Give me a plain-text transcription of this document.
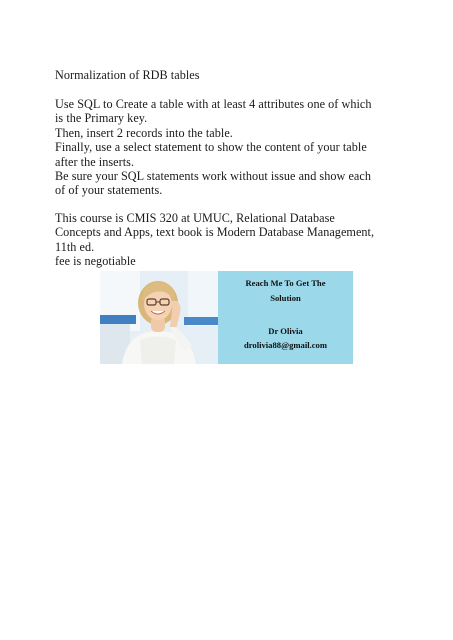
Normalization of RDB tables

Use SQL to Create a table with at least 4 attributes one of which

is the Primary key.

Then, insert 2 records into the table.

Finally, use a select statement to show the content of your table

after the inserts.

Be sure your SQL statements work without issue and show each

of of your statements.

This course is CMIS 320 at UMUC, Relational Database

Concepts and Apps, text book is Modern Database Management,

11th ed.

fee is negotiable

Reach Me To Get The
Solution
Dr Olivia
drolivia88@gmail.com
